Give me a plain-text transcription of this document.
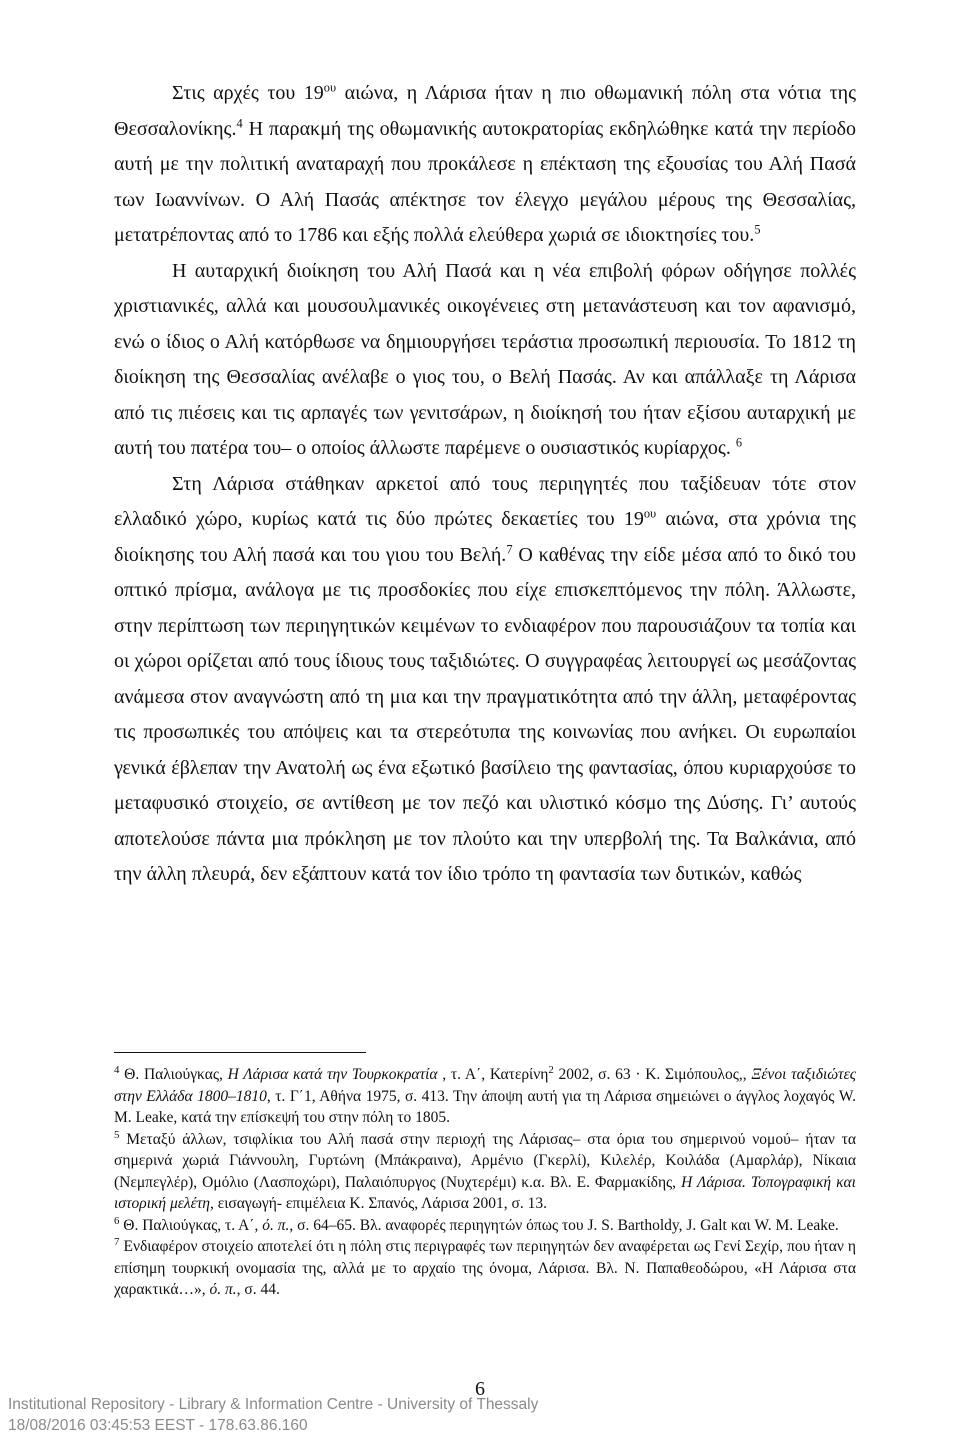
Στις αρχές του $19^{o\upsilon}$ αιώνα, η Λάρισα ήταν η πιο οθωμανική πόλη στα νότια της Θεσσαλονίκης.$^4$ Η παρακμή της οθωμανικής αυτοκρατορίας εκδηλώθηκε κατά την περίοδο αυτή με την πολιτική αναταραχή που προκάλεσε η επέκταση της εξουσίας του Αλή Πασά των Ιωαννίνων. Ο Αλή Πασάς απέκτησε τον έλεγχο μεγάλου μέρους της Θεσσαλίας, μετατρέποντας από το 1786 και εξής πολλά ελεύθερα χωριά σε ιδιοκτησίες του.$^5$

Η αυταρχική διοίκηση του Αλή Πασά και η νέα επιβολή φόρων οδήγησε πολλές χριστιανικές, αλλά και μουσουλμανικές οικογένειες στη μετανάστευση και τον αφανισμό, ενώ ο ίδιος ο Αλή κατόρθωσε να δημιουργήσει τεράστια προσωπική περιουσία. Το 1812 τη διοίκηση της Θεσσαλίας ανέλαβε ο γιος του, ο Βελή Πασάς. Αν και απάλλαξε τη Λάρισα από τις πιέσεις και τις αρπαγές των γενιτσάρων, η διοίκησή του ήταν εξίσου αυταρχική με αυτή του πατέρα του– ο οποίος άλλωστε παρέμενε ο ουσιαστικός κυρίαρχος. $^6$

Στη Λάρισα στάθηκαν αρκετοί από τους περιηγητές που ταξίδευαν τότε στον ελλαδικό χώρο, κυρίως κατά τις δύο πρώτες δεκαετίες του $19^{o\upsilon}$ αιώνα, στα χρόνια της διοίκησης του Αλή πασά και του γιου του Βελή.$^7$ Ο καθένας την είδε μέσα από το δικό του οπτικό πρίσμα, ανάλογα με τις προσδοκίες που είχε επισκεπτόμενος την πόλη. Άλλωστε, στην περίπτωση των περιηγητικών κειμένων το ενδιαφέρον που παρουσιάζουν τα τοπία και οι χώροι ορίζεται από τους ίδιους τους ταξιδιώτες. Ο συγγραφέας λειτουργεί ως μεσάζοντας ανάμεσα στον αναγνώστη από τη μια και την πραγματικότητα από την άλλη, μεταφέροντας τις προσωπικές του απόψεις και τα στερεότυπα της κοινωνίας που ανήκει. Οι ευρωπαίοι γενικά έβλεπαν την Ανατολή ως ένα εξωτικό βασίλειο της φαντασίας, όπου κυριαρχούσε το μεταφυσικό στοιχείο, σε αντίθεση με τον πεζό και υλιστικό κόσμο της Δύσης. Γι’ αυτούς αποτελούσε πάντα μια πρόκληση με τον πλούτο και την υπερβολή της. Τα Βαλκάνια, από την άλλη πλευρά, δεν εξάπτουν κατά τον ίδιο τρόπο τη φαντασία των δυτικών, καθώς

$^4$ Θ. Παλιούγκας, Η Λάρισα κατά την Τουρκοκρατία , τ. Α΄, Κατερίνη$^2$ 2002, σ. 63 · Κ. Σιμόπουλος,, Ξένοι ταξιδιώτες στην Ελλάδα 1800–1810, τ. Γ΄1, Αθήνα 1975, σ. 413. Την άποψη αυτή για τη Λάρισα σημειώνει ο άγγλος λοχαγός W. M. Leake, κατά την επίσκεψή του στην πόλη το 1805.

$^5$ Μεταξύ άλλων, τσιφλίκια του Αλή πασά στην περιοχή της Λάρισας– στα όρια του σημερινού νομού– ήταν τα σημερινά χωριά Γιάννουλη, Γυρτώνη (Μπάκραινα), Αρμένιο (Γκερλί), Κιλελέρ, Κοιλάδα (Αμαρλάρ), Νίκαια (Νεμπεγλέρ), Ομόλιο (Λασποχώρι), Παλαιόπυργος (Νυχτερέμι) κ.α. Βλ. Ε. Φαρμακίδης, Η Λάρισα. Τοπογραφική και ιστορική μελέτη, εισαγωγή- επιμέλεια Κ. Σπανός, Λάρισα 2001, σ. 13.

$^6$ Θ. Παλιούγκας, τ. Α΄, ό. π., σ. 64–65. Βλ. αναφορές περιηγητών όπως του J. S. Bartholdy, J. Galt και W. M. Leake.

$^7$ Ενδιαφέρον στοιχείο αποτελεί ότι η πόλη στις περιγραφές των περιηγητών δεν αναφέρεται ως Γενί Σεχίρ, που ήταν η επίσημη τουρκική ονομασία της, αλλά με το αρχαίο της όνομα, Λάρισα. Βλ. Ν. Παπαθεοδώρου, «Η Λάρισα στα χαρακτικά…», ό. π., σ. 44.

6
Institutional Repository - Library & Information Centre - University of Thessaly
18/08/2016 03:45:53 EEST - 178.63.86.160
